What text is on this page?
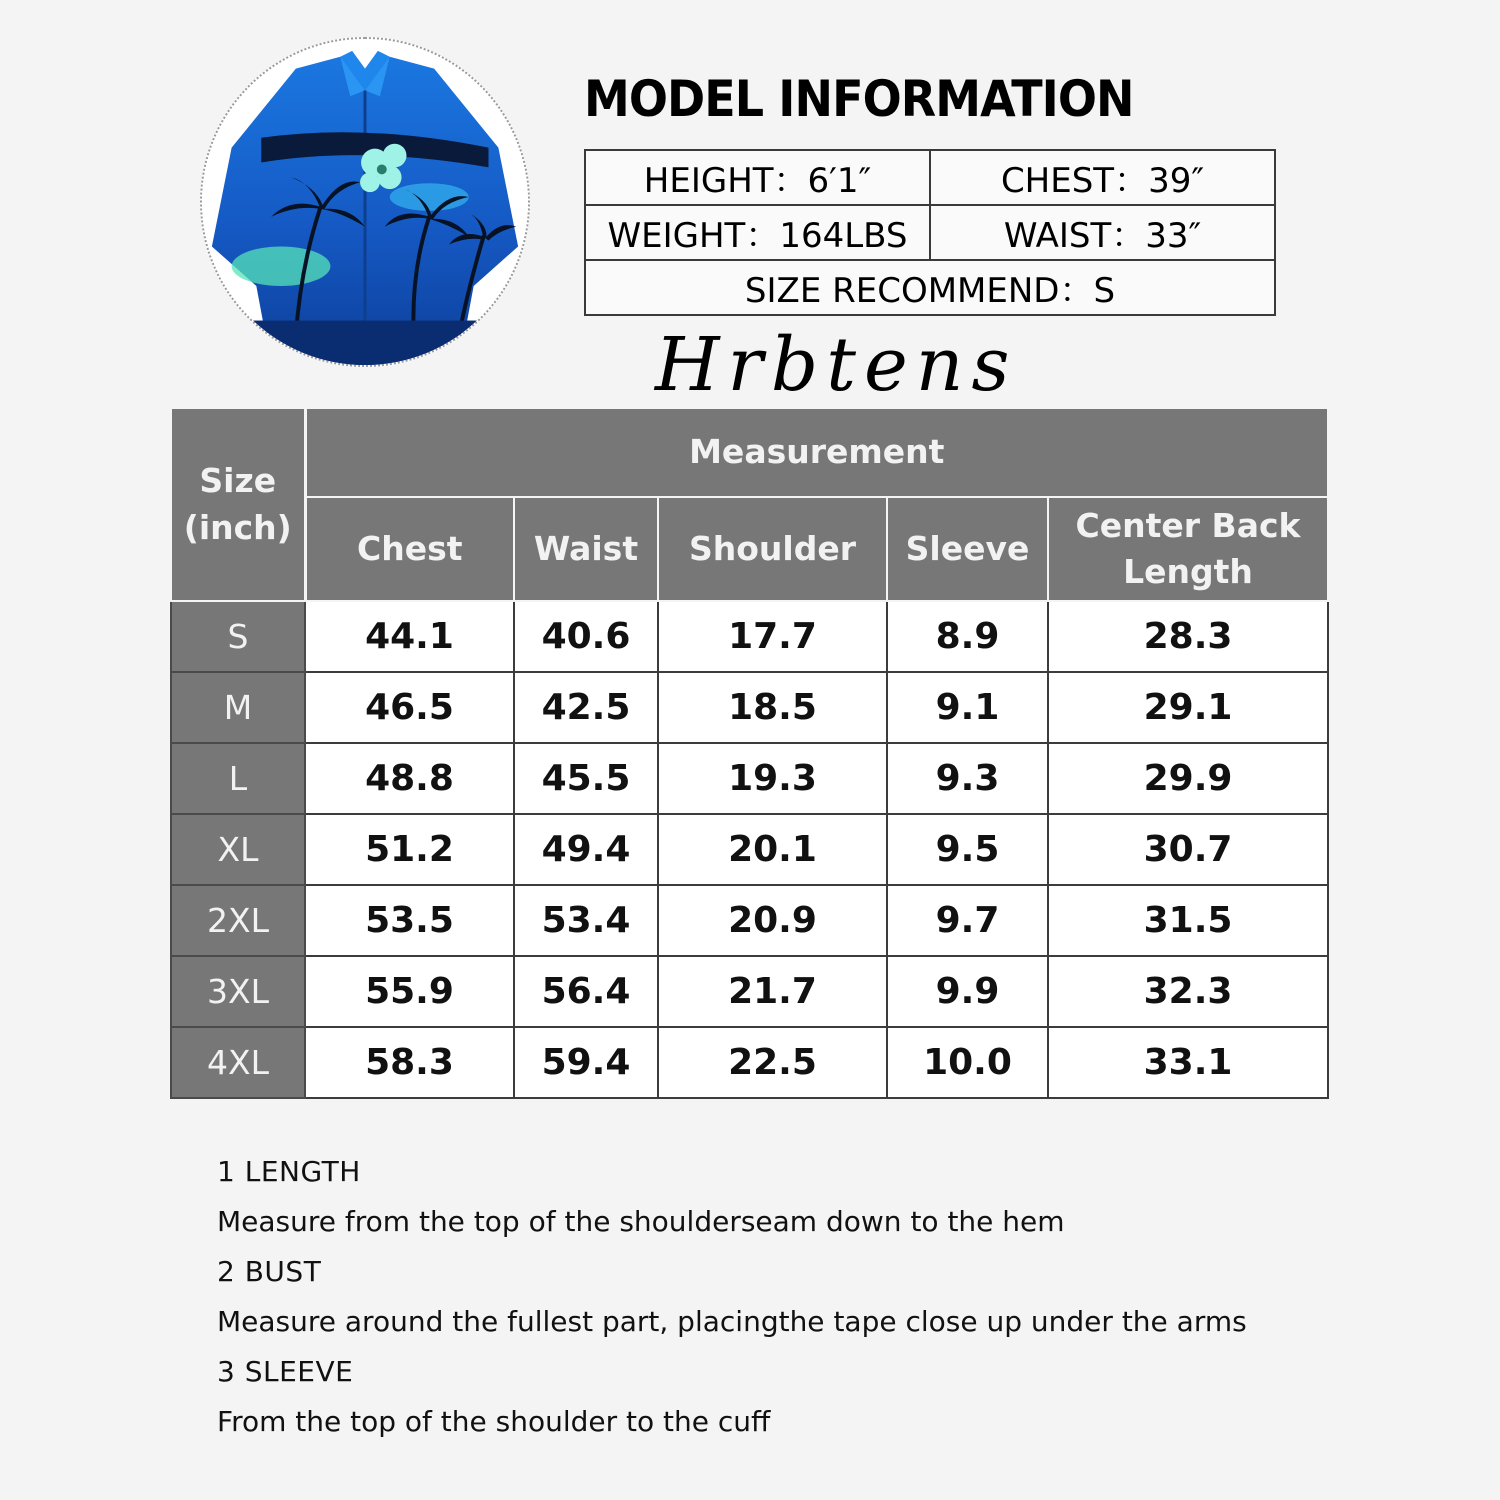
MODEL INFORMATION
HEIGHT：6′1″	CHEST：39″
WEIGHT：164LBS	WAIST：33″
SIZE RECOMMEND：S	
Hrbtens
Size
(inch)	Measurement				
	Chest	Waist	Shoulder	Sleeve	Center Back Length
S	44.1	40.6	17.7	8.9	28.3
M	46.5	42.5	18.5	9.1	29.1
L	48.8	45.5	19.3	9.3	29.9
XL	51.2	49.4	20.1	9.5	30.7
2XL	53.5	53.4	20.9	9.7	31.5
3XL	55.9	56.4	21.7	9.9	32.3
4XL	58.3	59.4	22.5	10.0	33.1

1 LENGTH

Measure from the top of the shoulderseam down to the hem

2 BUST

Measure around the fullest part, placingthe tape close up under the arms

3 SLEEVE

From the top of the shoulder to the cuff
